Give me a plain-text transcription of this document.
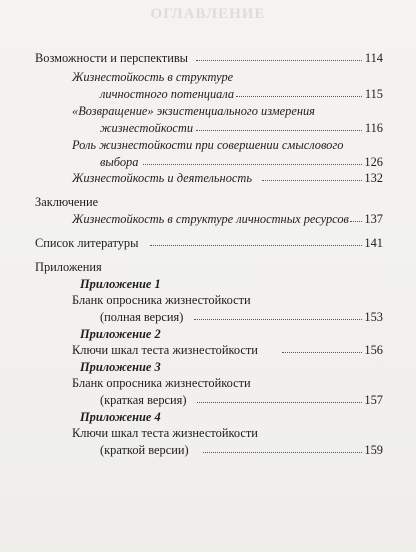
ОГЛАВЛЕНИЕ
Возможности и перспективы	114
Жизнестойкость в структуре
личностного потенциала	115
«Возвращение» экзистенциального измерения
жизнестойкости	116
Роль жизнестойкости при совершении смыслового
выбора	126
Жизнестойкость и деятельность	132
Заключение
Жизнестойкость в структуре личностных ресурсов	137
Список литературы	141
Приложения
Приложение 1
Бланк опросника жизнестойкости
(полная версия)	153
Приложение 2
Ключи шкал теста жизнестойкости	156
Приложение 3
Бланк опросника жизнестойкости
(краткая версия)	157
Приложение 4
Ключи шкал теста жизнестойкости
(краткой версии)	159
